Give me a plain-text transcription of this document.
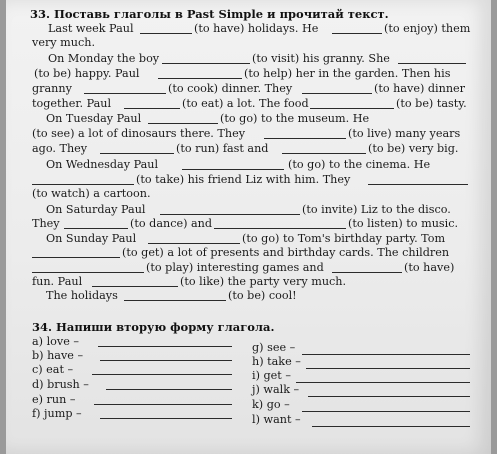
33. Поставь глаголы в Past Simple и прочитай текст.
Last week Paul	(to have) holidays. He	(to enjoy) them
very much.
On Monday the boy	(to visit) his granny. She
(to be) happy. Paul	(to help) her in the garden. Then his
granny	(to cook) dinner. They	(to have) dinner
together. Paul	(to eat) a lot. The food	(to be) tasty.
On Tuesday Paul	(to go) to the museum. He
(to see) a lot of dinosaurs there. They	(to live) many years
ago. They	(to run) fast and	(to be) very big.
On Wednesday Paul	(to go) to the cinema. He
(to take) his friend Liz with him. They
(to watch) a cartoon.
On Saturday Paul	(to invite) Liz to the disco.
They	(to dance) and	(to listen) to music.
On Sunday Paul	(to go) to Tom's birthday party. Tom
(to get) a lot of presents and birthday cards. The children
(to play) interesting games and	(to have)
fun. Paul	(to like) the party very much.
The holidays	(to be) cool!
34. Напиши вторую форму глагола.
a) love –	g) see –
b) have –	h) take –
c) eat –	i) get –
d) brush –	j) walk –
e) run –	k) go –
f) jump –	l) want –
